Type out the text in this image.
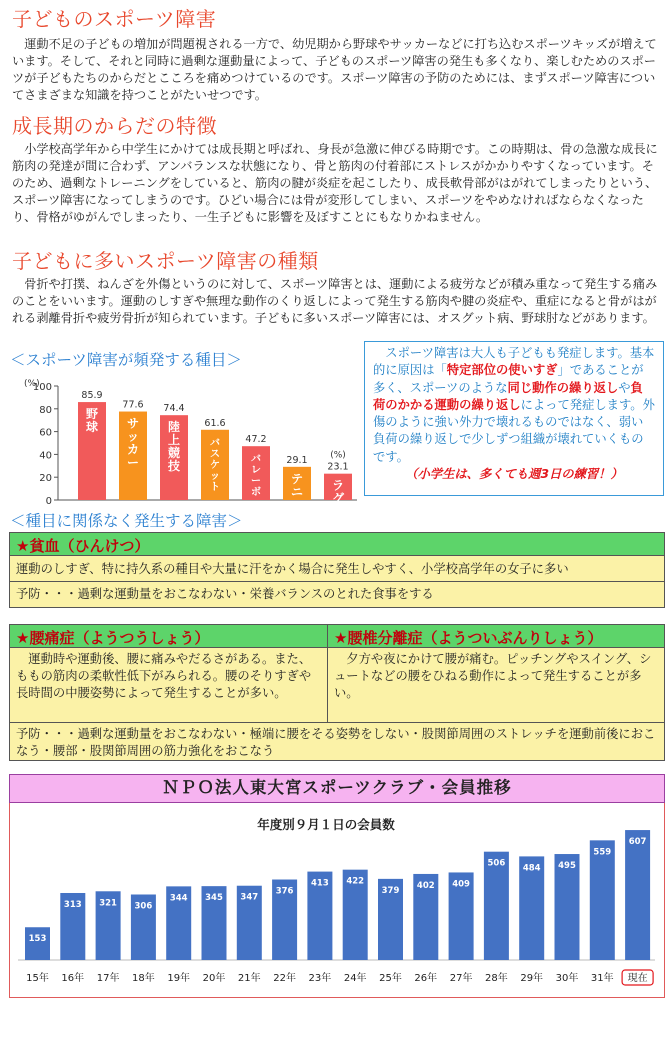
子どものスポーツ障害

運動不足の子どもの増加が問題視される一方で、幼児期から野球やサッカーなどに打ち込むスポーツキッズが増えています。そして、それと同時に過剰な運動量によって、子どものスポーツ障害の発生も多くなり、楽しむためのスポーツが子どもたちのからだとこころを痛めつけているのです。スポーツ障害の予防のためには、まずスポーツ障害についてさまざまな知識を持つことがたいせつです。

成長期のからだの特徴

小学校高学年から中学生にかけては成長期と呼ばれ、身長が急激に伸びる時期です。この時期は、骨の急激な成長に筋肉の発達が間に合わず、アンバランスな状態になり、骨と筋肉の付着部にストレスがかかりやすくなっています。そのため、過剰なトレーニングをしていると、筋肉の腱が炎症を起こしたり、成長軟骨部がはがれてしまったりという、スポーツ障害になってしまうのです。ひどい場合には骨が変形してしまい、スポーツをやめなければならなくなったり、骨格がゆがんでしまったり、一生子どもに影響を及ぼすことにもなりかねません。

子どもに多いスポーツ障害の種類

骨折や打撲、ねんざを外傷というのに対して、スポーツ障害とは、運動による疲労などが積み重なって発生する痛みのことをいいます。運動のしすぎや無理な動作のくり返しによって発生する筋肉や腱の炎症や、重症になると骨がはがれる剥離骨折や疲労骨折が知られています。子どもに多いスポーツ障害には、オスグット病、野球肘などがあります。

＜スポーツ障害が頻発する種目＞
(%)
0
20
40
60
80
100
85.9
野球
77.6
サッカー
74.4
陸上競技
61.6
バスケット
47.2
バレーボ
29.1
テニ
23.1
ラグ
(%)
スポーツ障害は大人も子どもも発症します。基本的に原因は「特定部位の使いすぎ」であることが多く、スポーツのような同じ動作の繰り返しや負荷のかかる運動の繰り返しによって発症します。外傷のように強い外力で壊れるものではなく、弱い負荷の繰り返しで少しずつ組織が壊れていくものです。
（小学生は、多くても週3日の練習！）
＜種目に関係なく発生する障害＞
★貧血（ひんけつ）
運動のしすぎ、特に持久系の種目や大量に汗をかく場合に発生しやすく、小学校高学年の女子に多い
予防・・・過剰な運動量をおこなわない・栄養バランスのとれた食事をする
★腰痛症（ようつうしょう）
運動時や運動後、腰に痛みやだるさがある。また、ももの筋肉の柔軟性低下がみられる。腰のそりすぎや長時間の中腰姿勢によって発生することが多い。
★腰椎分離症（ようついぶんりしょう）
夕方や夜にかけて腰が痛む。ピッチングやスイング、シュートなどの腰をひねる動作によって発生することが多い。
予防・・・過剰な運動量をおこなわない・極端に腰をそる姿勢をしない・股関節周囲のストレッチを運動前後におこなう・腰部・股関節周囲の筋力強化をおこなう
ＮＰＯ法人東大宮スポーツクラブ・会員推移
年度別９月１日の会員数
153
15年
313
16年
321
17年
306
18年
344
19年
345
20年
347
21年
376
22年
413
23年
422
24年
379
25年
402
26年
409
27年
506
28年
484
29年
495
30年
559
31年
607
現在
